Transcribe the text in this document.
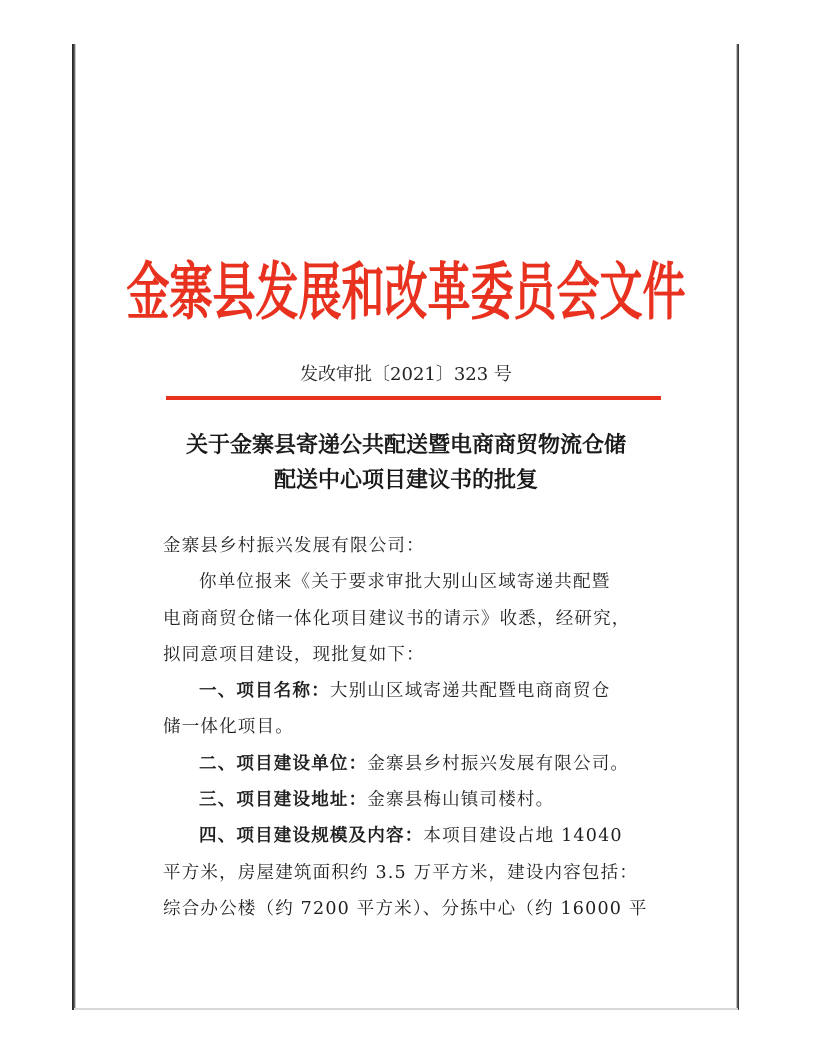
金寨县发展和改革委员会文件
发改审批〔2021〕323 号
关于金寨县寄递公共配送暨电商商贸物流仓储
配送中心项目建议书的批复
金寨县乡村振兴发展有限公司：
你单位报来《关于要求审批大别山区域寄递共配暨
电商商贸仓储一体化项目建议书的请示》收悉，经研究，
拟同意项目建设，现批复如下：
一、项目名称：大别山区域寄递共配暨电商商贸仓
储一体化项目。
二、项目建设单位：金寨县乡村振兴发展有限公司。
三、项目建设地址：金寨县梅山镇司楼村。
四、项目建设规模及内容：本项目建设占地 14040
平方米，房屋建筑面积约 3.5 万平方米，建设内容包括：
综合办公楼（约 7200 平方米）、分拣中心（约 16000 平
